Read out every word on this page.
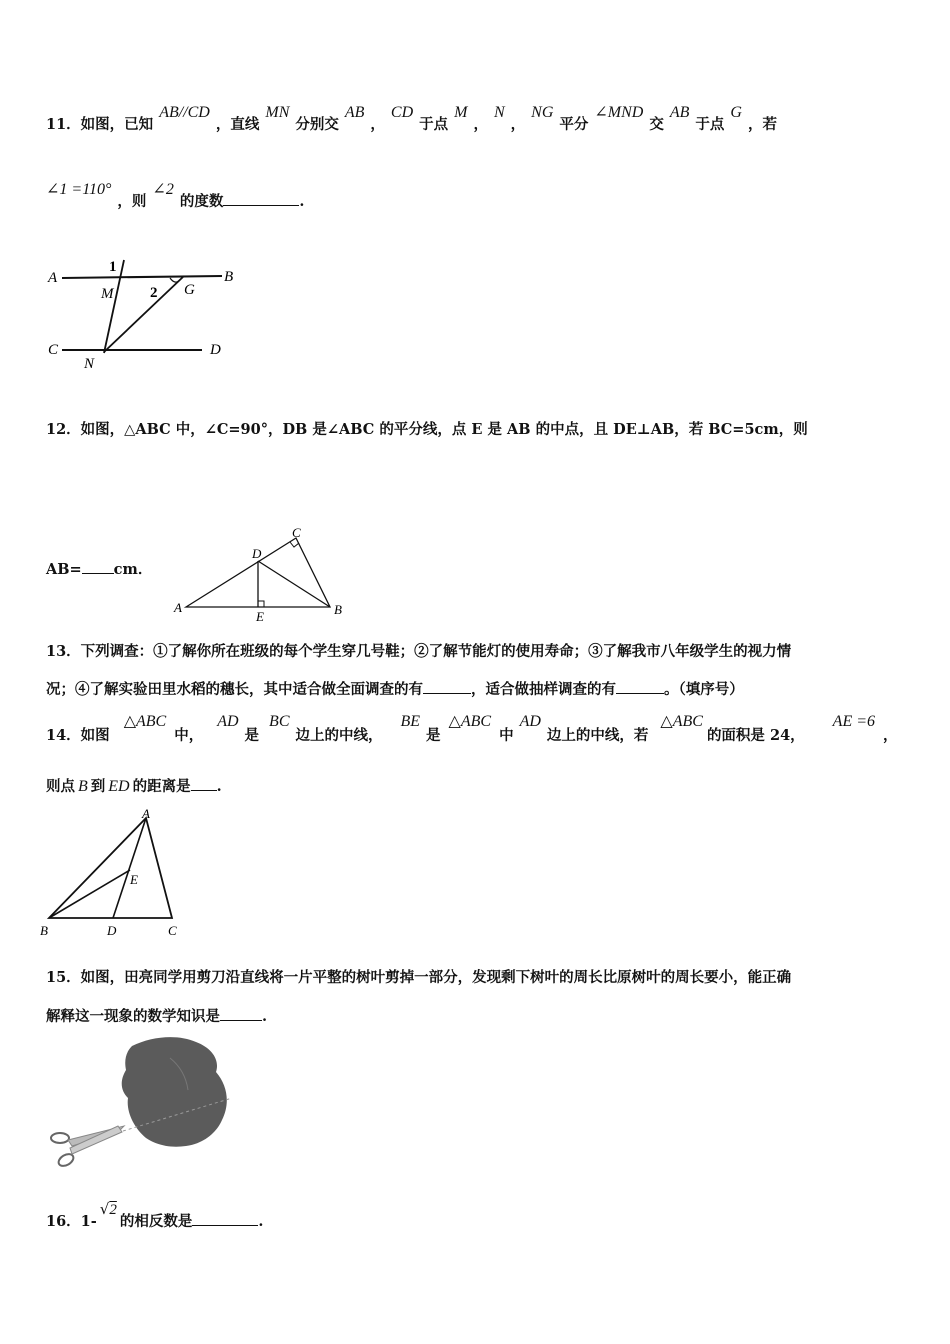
11．如图，已知AB//CD，直线MN分别交AB，CD于点M，N，NG平分∠MND交AB于点G，若
∠1 =110°，则∠2的度数	.
A	B
C	D
M
N
G
1
2
12．如图，△ABC 中，∠C=90°，DB 是∠ABC 的平分线，点 E 是 AB 的中点，且 DE⊥AB，若 BC=5cm，则
AB= cm．
A	B
C
D
E
13．下列调查：①了解你所在班级的每个学生穿几号鞋；②了解节能灯的使用寿命；③了解我市八年级学生的视力情
况；④了解实验田里水稻的穗长，其中适合做全面调查的有	，适合做抽样调查的有	。（填序号）
14．如图△ABC中，AD是BC边上的中线，BE是△ABC中AD边上的中线，若△ABC的面积是 24，AE =6，
则点 B 到 ED 的距离是 .
A
B	C
D
E
15．如图，田亮同学用剪刀沿直线将一片平整的树叶剪掉一部分，发现剩下树叶的周长比原树叶的周长要小，能正确
解释这一现象的数学知识是	.
16．1-√2的相反数是	.
